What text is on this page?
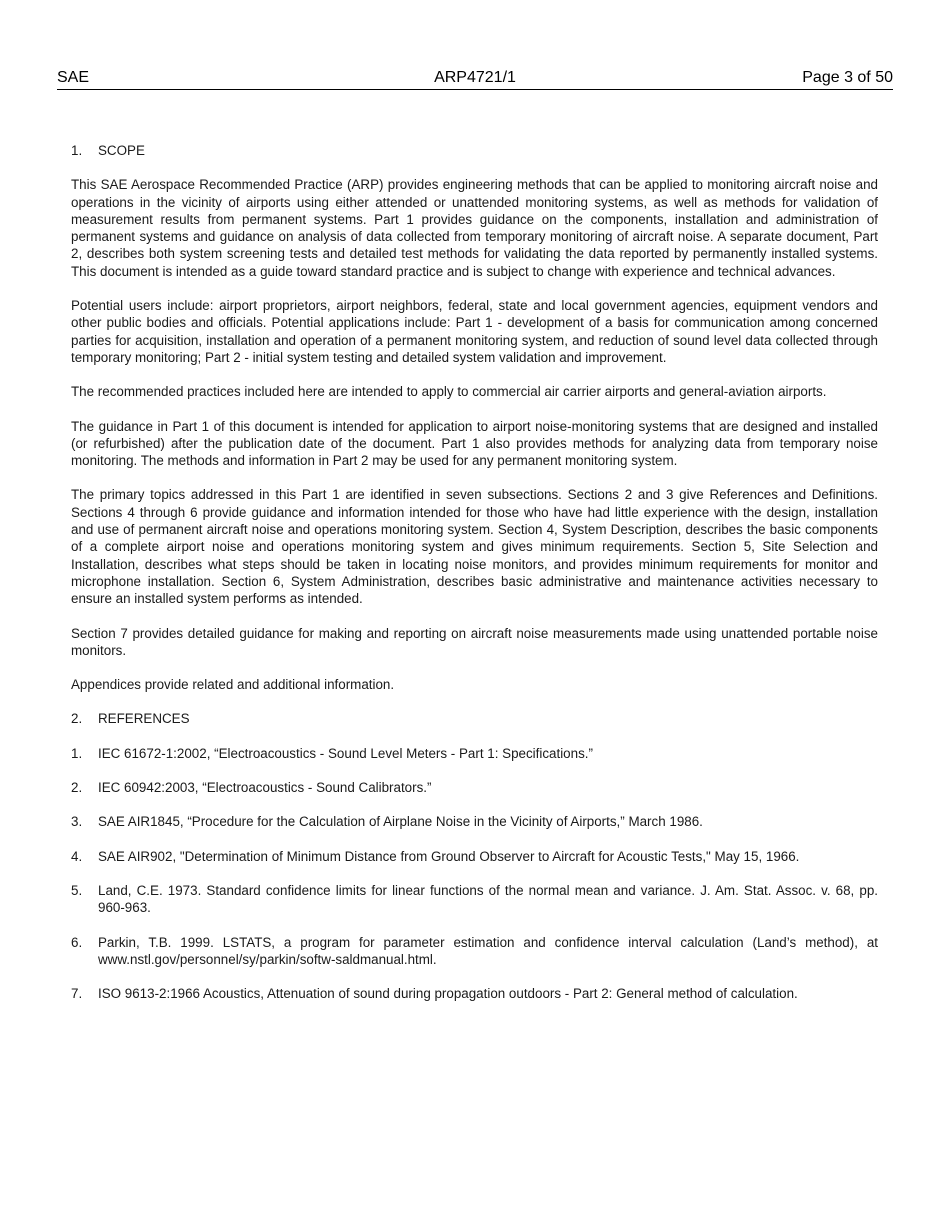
ARP4721/1
SAE	Page 3 of 50
1. SCOPE

This SAE Aerospace Recommended Practice (ARP) provides engineering methods that can be applied to monitoring aircraft noise and operations in the vicinity of airports using either attended or unattended monitoring systems, as well as methods for validation of measurement results from permanent systems. Part 1 provides guidance on the components, installation and administration of permanent systems and guidance on analysis of data collected from temporary monitoring of aircraft noise. A separate document, Part 2, describes both system screening tests and detailed test methods for validating the data reported by permanently installed systems. This document is intended as a guide toward standard practice and is subject to change with experience and technical advances.

Potential users include: airport proprietors, airport neighbors, federal, state and local government agencies, equipment vendors and other public bodies and officials. Potential applications include: Part 1 - development of a basis for communication among concerned parties for acquisition, installation and operation of a permanent monitoring system, and reduction of sound level data collected through temporary monitoring; Part 2 - initial system testing and detailed system validation and improvement.

The recommended practices included here are intended to apply to commercial air carrier airports and general-aviation airports.

The guidance in Part 1 of this document is intended for application to airport noise-monitoring systems that are designed and installed (or refurbished) after the publication date of the document. Part 1 also provides methods for analyzing data from temporary noise monitoring. The methods and information in Part 2 may be used for any permanent monitoring system.

The primary topics addressed in this Part 1 are identified in seven subsections. Sections 2 and 3 give References and Definitions. Sections 4 through 6 provide guidance and information intended for those who have had little experience with the design, installation and use of permanent aircraft noise and operations monitoring system. Section 4, System Description, describes the basic components of a complete airport noise and operations monitoring system and gives minimum requirements. Section 5, Site Selection and Installation, describes what steps should be taken in locating noise monitors, and provides minimum requirements for monitor and microphone installation. Section 6, System Administration, describes basic administrative and maintenance activities necessary to ensure an installed system performs as intended.

Section 7 provides detailed guidance for making and reporting on aircraft noise measurements made using unattended portable noise monitors.

Appendices provide related and additional information.

2. REFERENCES
1. IEC 61672-1:2002, “Electroacoustics - Sound Level Meters - Part 1: Specifications.”
2. IEC 60942:2003, “Electroacoustics - Sound Calibrators.”
3. SAE AIR1845, “Procedure for the Calculation of Airplane Noise in the Vicinity of Airports,” March 1986.
4. SAE AIR902, "Determination of Minimum Distance from Ground Observer to Aircraft for Acoustic Tests," May 15, 1966.
5. Land, C.E. 1973. Standard confidence limits for linear functions of the normal mean and variance. J. Am. Stat. Assoc. v. 68, pp. 960-963.
6. Parkin, T.B. 1999. LSTATS, a program for parameter estimation and confidence interval calculation (Land’s method), at www.nstl.gov/personnel/sy/parkin/softw-saldmanual.html.
7. ISO 9613-2:1966 Acoustics, Attenuation of sound during propagation outdoors - Part 2: General method of calculation.
